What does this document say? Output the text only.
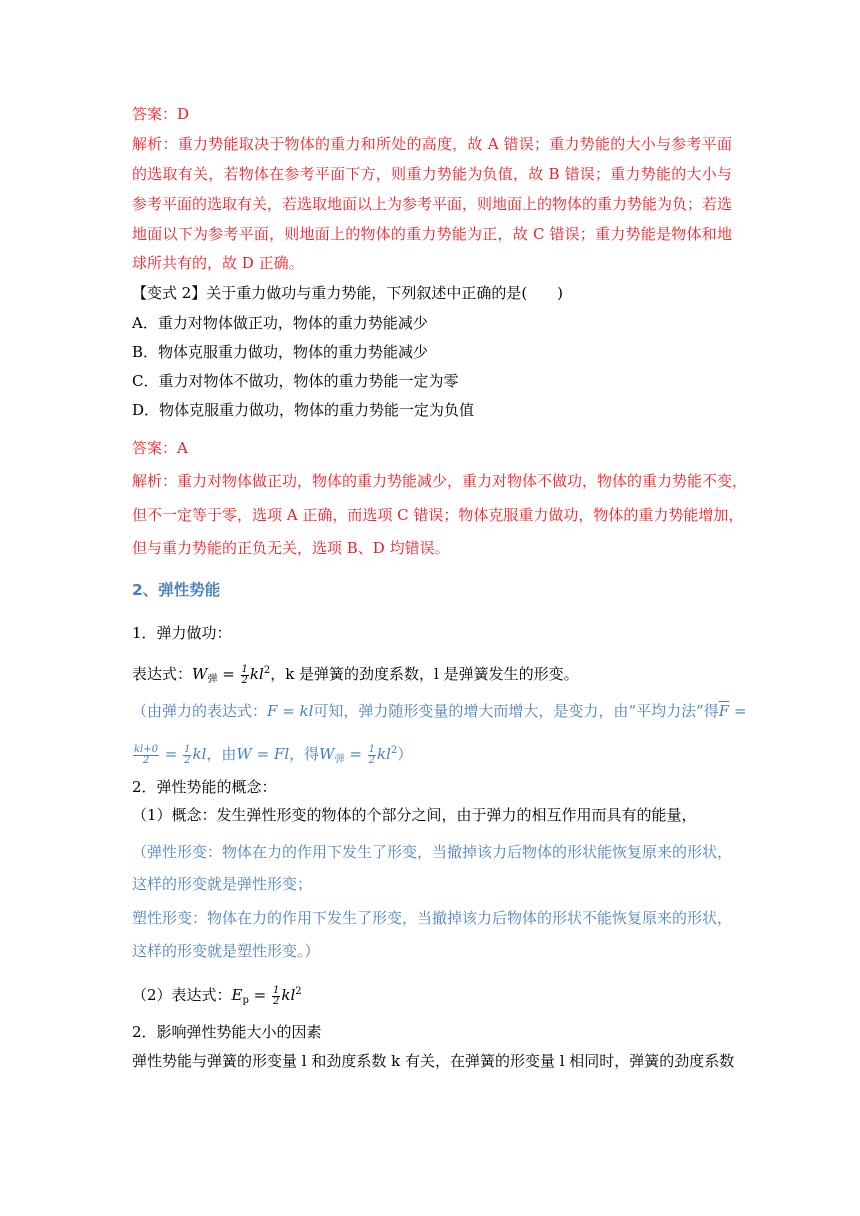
答案：D
解析：重力势能取决于物体的重力和所处的高度，故 A 错误；重力势能的大小与参考平面
的选取有关，若物体在参考平面下方，则重力势能为负值，故 B 错误；重力势能的大小与
参考平面的选取有关，若选取地面以上为参考平面，则地面上的物体的重力势能为负；若选
地面以下为参考平面，则地面上的物体的重力势能为正，故 C 错误；重力势能是物体和地
球所共有的，故 D 正确。
【变式 2】关于重力做功与重力势能，下列叙述中正确的是(　　)
A．重力对物体做正功，物体的重力势能减少
B．物体克服重力做功，物体的重力势能减少
C．重力对物体不做功，物体的重力势能一定为零
D．物体克服重力做功，物体的重力势能一定为负值
答案：A
解析：重力对物体做正功，物体的重力势能减少，重力对物体不做功，物体的重力势能不变，
但不一定等于零，选项 A 正确，而选项 C 错误；物体克服重力做功，物体的重力势能增加，
但与重力势能的正负无关，选项 B、D 均错误。
2、弹性势能
1．弹力做功：
表达式：$W_弹 = \frac{1}{2} kl^2$，k 是弹簧的劲度系数，l 是弹簧发生的形变。
（由弹力的表达式：F = kl可知，弹力随形变量的增大而增大，是变力，由“平均力法”得$\overline{F}$ =
$\frac{kl+0}{2} = \frac{1}{2}$ kl，由W = Fl，得$W_弹 = \frac{1}{2} kl^2$）
2．弹性势能的概念：
（1）概念：发生弹性形变的物体的个部分之间，由于弹力的相互作用而具有的能量，
（弹性形变：物体在力的作用下发生了形变，当撤掉该力后物体的形状能恢复原来的形状，
这样的形变就是弹性形变；
塑性形变：物体在力的作用下发生了形变，当撤掉该力后物体的形状不能恢复原来的形状，
这样的形变就是塑性形变。）
（2）表达式：$E_p = \frac{1}{2} kl^2$
2．影响弹性势能大小的因素
弹性势能与弹簧的形变量 l 和劲度系数 k 有关，在弹簧的形变量 l 相同时，弹簧的劲度系数
